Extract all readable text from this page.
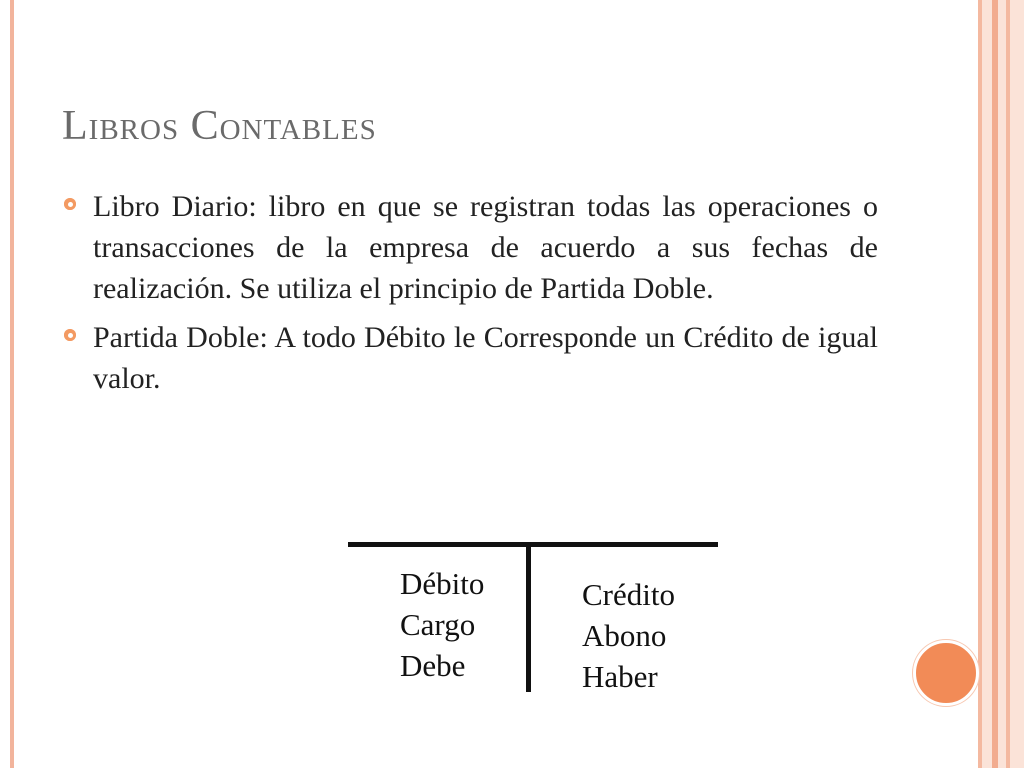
Libros Contables
Libro Diario: libro en que se registran todas las operaciones o transacciones de la empresa de acuerdo a sus fechas de realización. Se utiliza el principio de Partida Doble.
Partida Doble: A todo Débito le Corresponde un Crédito de igual valor.
Débito
Cargo
Debe
Crédito
Abono
Haber
